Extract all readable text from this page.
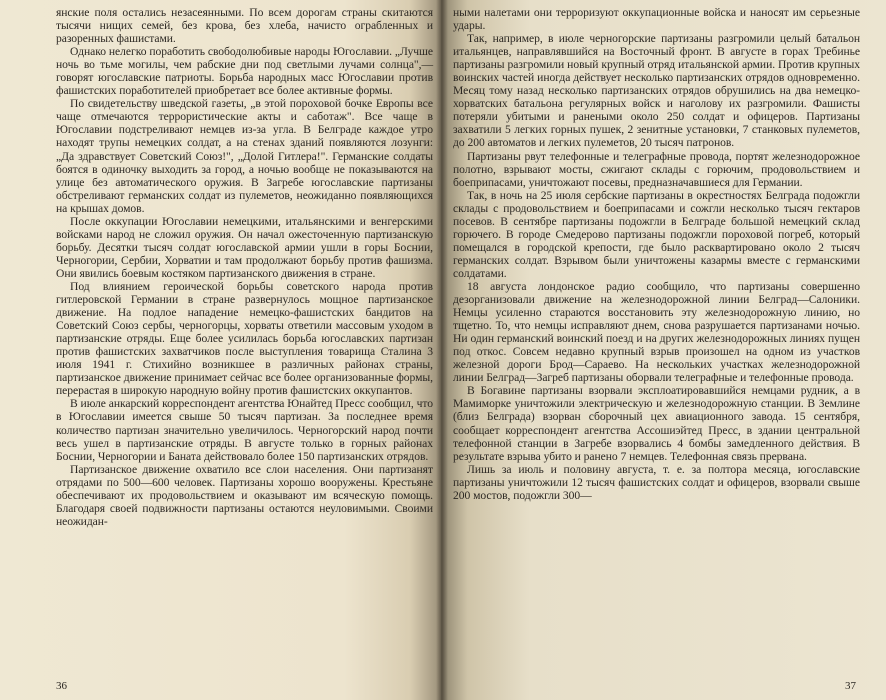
янские поля остались незасеянными. По всем дорогам страны скитаются тысячи нищих семей, без крова, без хлеба, начисто ограбленных и разоренных фашистами.

Однако нелегко поработить свободолюбивые народы Югославии. „Лучше ночь во тьме могилы, чем рабские дни под светлыми лучами солнца",— говорят югославские патриоты. Борьба народных масс Югославии против фашистских поработителей приобретает все более активные формы.

По свидетельству шведской газеты, „в этой пороховой бочке Европы все чаще отмечаются террористические акты и саботаж". Все чаще в Югославии подстреливают немцев из-за угла. В Белграде каждое утро находят трупы немецких солдат, а на стенах зданий появляются лозунги: „Да здравствует Советский Союз!", „Долой Гитлера!". Германские солдаты боятся в одиночку выходить за город, а ночью вообще не показываются на улице без автоматического оружия. В Загребе югославские партизаны обстреливают германских солдат из пулеметов, неожиданно появляющихся на крышах домов.

После оккупации Югославии немецкими, итальянскими и венгерскими войсками народ не сложил оружия. Он начал ожесточенную партизанскую борьбу. Десятки тысяч солдат югославской армии ушли в горы Боснии, Черногории, Сербии, Хорватии и там продолжают борьбу против фашизма. Они явились боевым костяком партизанского движения в стране.

Под влиянием героической борьбы советского народа против гитлеровской Германии в стране развернулось мощное партизанское движение. На подлое нападение немецко-фашистских бандитов на Советский Союз сербы, черногорцы, хорваты ответили массовым уходом в партизанские отряды. Еще более усилилась борьба югославских партизан против фашистских захватчиков после выступления товарища Сталина 3 июля 1941 г. Стихийно возникшее в различных районах страны, партизанское движение принимает сейчас все более организованные формы, перерастая в широкую народную войну против фашистских оккупантов.

В июле анкарский корреспондент агентства Юнайтед Пресс сообщил, что в Югославии имеется свыше 50 тысяч партизан. За последнее время количество партизан значительно увеличилось. Черногорский народ почти весь ушел в партизанские отряды. В августе только в горных районах Боснии, Черногории и Баната действовало более 150 партизанских отрядов.

Партизанское движение охватило все слои населения. Они партизанят отрядами по 500—600 человек. Партизаны хорошо вооружены. Крестьяне обеспечивают их продовольствием и оказывают им всяческую помощь. Благодаря своей подвижности партизаны остаются неуловимыми. Своими неожидан-

36

ными налетами они терроризуют оккупационные войска и наносят им серьезные удары.

Так, например, в июле черногорские партизаны разгромили целый батальон итальянцев, направлявшийся на Восточный фронт. В августе в горах Требинье партизаны разгромили новый крупный отряд итальянской армии. Против крупных воинских частей иногда действует несколько партизанских отрядов одновременно. Месяц тому назад несколько партизанских отрядов обрушились на два немецко-хорватских батальона регулярных войск и наголову их разгромили. Фашисты потеряли убитыми и ранеными около 250 солдат и офицеров. Партизаны захватили 5 легких горных пушек, 2 зенитные установки, 7 станковых пулеметов, до 200 автоматов и легких пулеметов, 20 тысяч патронов.

Партизаны рвут телефонные и телеграфные провода, портят железнодорожное полотно, взрывают мосты, сжигают склады с горючим, продовольствием и боеприпасами, уничтожают посевы, предназначавшиеся для Германии.

Так, в ночь на 25 июля сербские партизаны в окрестностях Белграда подожгли склады с продовольствием и боеприпасами и сожгли несколько тысяч гектаров посевов. В сентябре партизаны подожгли в Белграде большой немецкий склад горючего. В городе Смедерово партизаны подожгли пороховой погреб, который помещался в городской крепости, где было расквартировано около 2 тысяч германских солдат. Взрывом были уничтожены казармы вместе с германскими солдатами.

18 августа лондонское радио сообщило, что партизаны совершенно дезорганизовали движение на железнодорожной линии Белград—Салоники. Немцы усиленно стараются восстановить эту железнодорожную линию, но тщетно. То, что немцы исправляют днем, снова разрушается партизанами ночью. Ни один германский воинский поезд и на других железнодорожных линиях пущен под откос. Совсем недавно крупный взрыв произошел на одном из участков железной дороги Брод—Сараево. На нескольких участках железнодорожной линии Белград—Загреб партизаны оборвали телеграфные и телефонные провода.

В Богавине партизаны взорвали эксплоатировавшийся немцами рудник, а в Мамиморке уничтожили электрическую и железнодорожную станции. В Землине (близ Белграда) взорван сборочный цех авиационного завода. 15 сентября, сообщает корреспондент агентства Ассошиэйтед Пресс, в здании центральной телефонной станции в Загребе взорвались 4 бомбы замедленного действия. В результате взрыва убито и ранено 7 немцев. Телефонная связь прервана.

Лишь за июль и половину августа, т. е. за полтора месяца, югославские партизаны уничтожили 12 тысяч фашистских солдат и офицеров, взорвали свыше 200 мостов, подожгли 300—

37
